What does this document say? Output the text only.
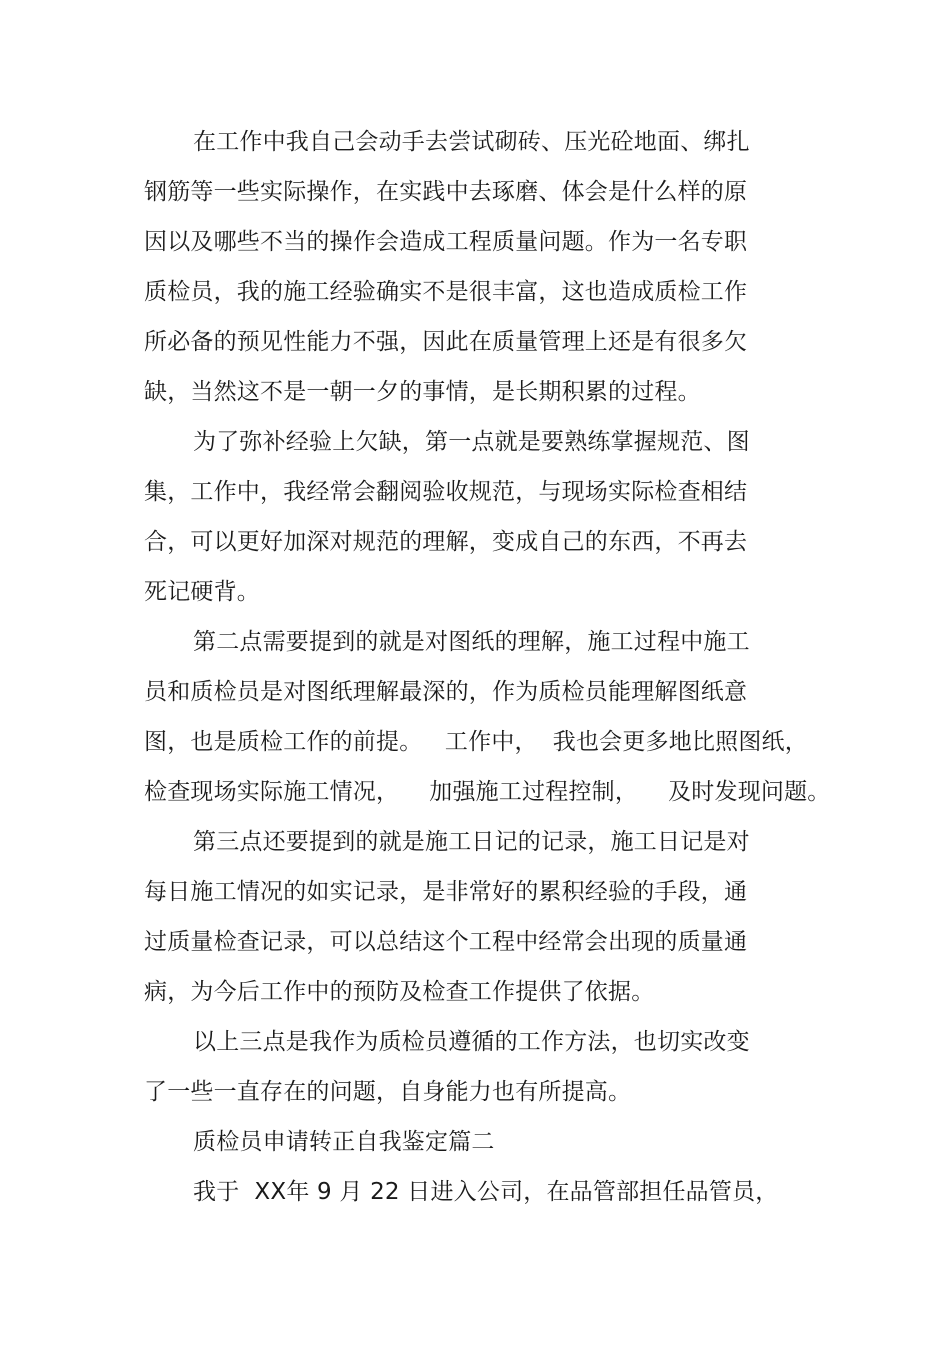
在工作中我自己会动手去尝试砌砖、压光砼地面、绑扎
钢筋等一些实际操作，在实践中去琢磨、体会是什么样的原
因以及哪些不当的操作会造成工程质量问题。作为一名专职
质检员，我的施工经验确实不是很丰富，这也造成质检工作
所必备的预见性能力不强，因此在质量管理上还是有很多欠
缺，当然这不是一朝一夕的事情，是长期积累的过程。
为了弥补经验上欠缺，第一点就是要熟练掌握规范、图
集，工作中，我经常会翻阅验收规范，与现场实际检查相结
合，可以更好加深对规范的理解，变成自己的东西，不再去
死记硬背。
第二点需要提到的就是对图纸的理解，施工过程中施工
员和质检员是对图纸理解最深的，作为质检员能理解图纸意
图，也是质检工作的前提。   工作中，  我也会更多地比照图纸，
检查现场实际施工情况，    加强施工过程控制，    及时发现问题。
第三点还要提到的就是施工日记的记录，施工日记是对
每日施工情况的如实记录，是非常好的累积经验的手段，通
过质量检查记录，可以总结这个工程中经常会出现的质量通
病，为今后工作中的预防及检查工作提供了依据。
以上三点是我作为质检员遵循的工作方法，也切实改变
了一些一直存在的问题，自身能力也有所提高。
质检员申请转正自我鉴定篇二
我于  XX年 9 月 22 日进入公司，在品管部担任品管员，
